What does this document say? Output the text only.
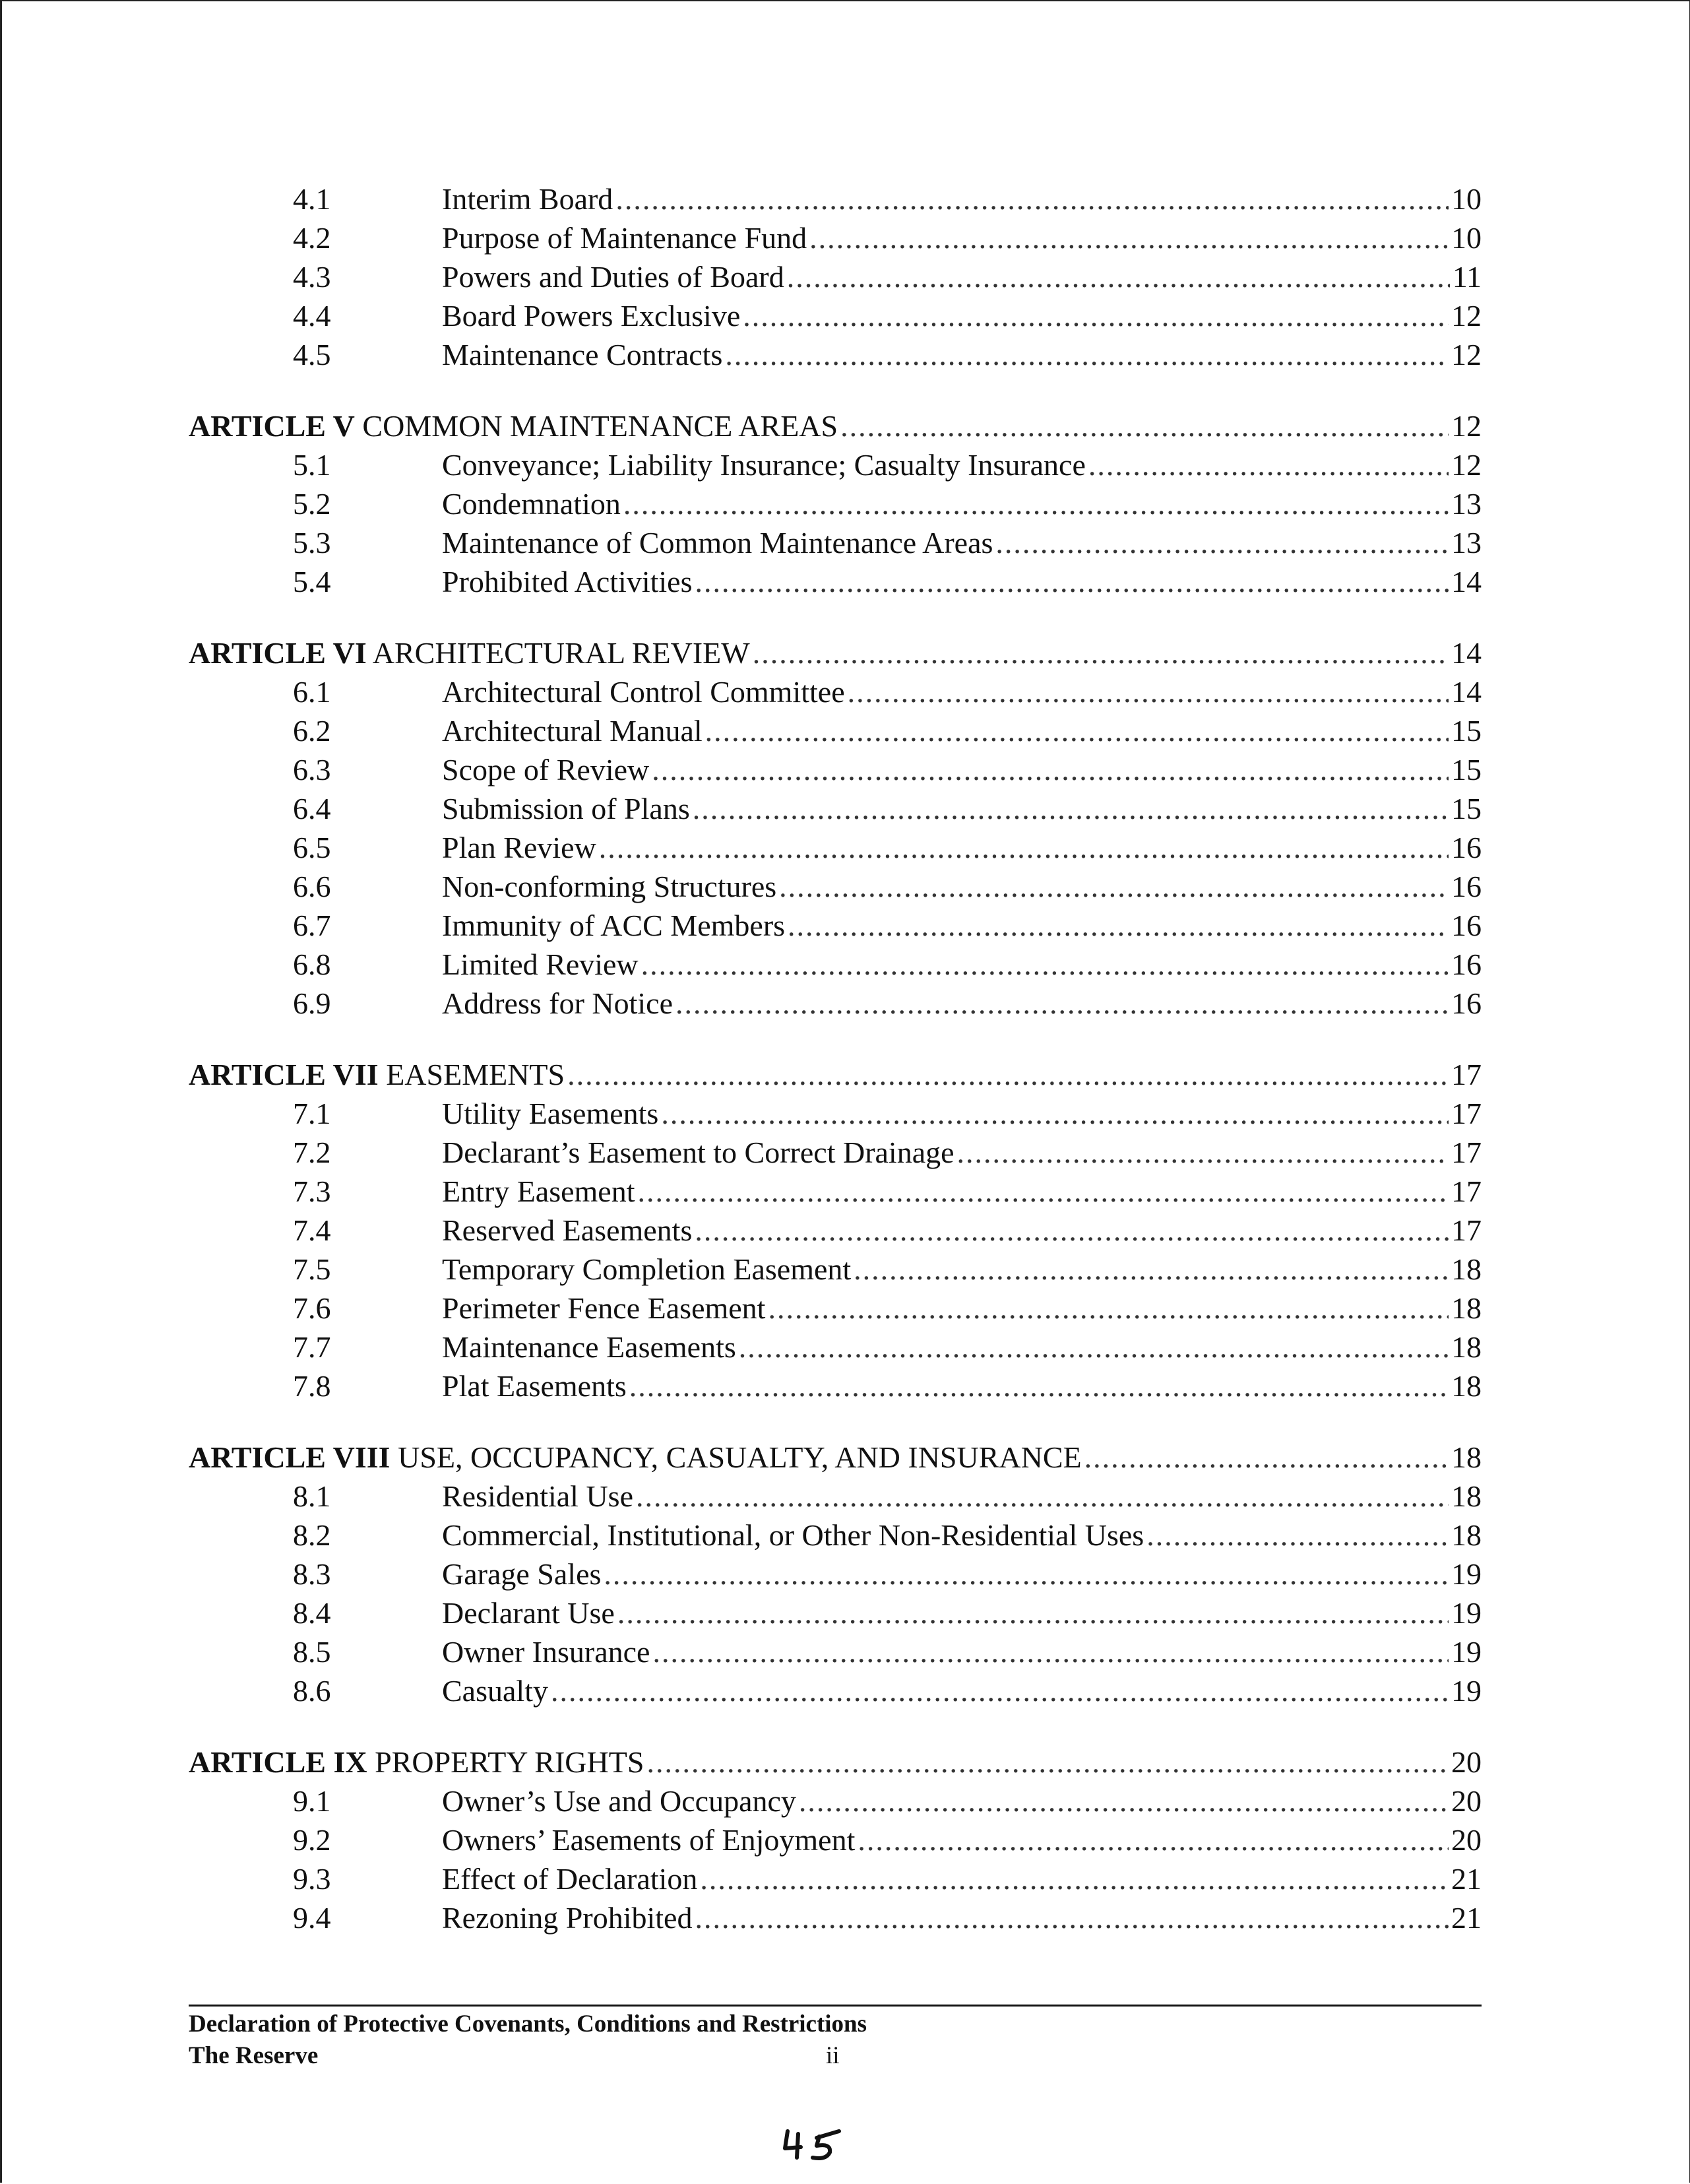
4.1	Interim Board .....	10
4.2	Purpose of Maintenance Fund .....	10
4.3	Powers and Duties of Board .....	11
4.4	Board Powers Exclusive .....	12
4.5	Maintenance Contracts .....	12
ARTICLE V COMMON MAINTENANCE AREAS .....	12
5.1	Conveyance; Liability Insurance; Casualty Insurance .....	12
5.2	Condemnation .....	13
5.3	Maintenance of Common Maintenance Areas .....	13
5.4	Prohibited Activities .....	14
ARTICLE VI ARCHITECTURAL REVIEW .....	14
6.1	Architectural Control Committee .....	14
6.2	Architectural Manual .....	15
6.3	Scope of Review .....	15
6.4	Submission of Plans .....	15
6.5	Plan Review .....	16
6.6	Non-conforming Structures .....	16
6.7	Immunity of ACC Members .....	16
6.8	Limited Review .....	16
6.9	Address for Notice .....	16
ARTICLE VII EASEMENTS .....	17
7.1	Utility Easements .....	17
7.2	Declarant’s Easement to Correct Drainage .....	17
7.3	Entry Easement .....	17
7.4	Reserved Easements .....	17
7.5	Temporary Completion Easement .....	18
7.6	Perimeter Fence Easement .....	18
7.7	Maintenance Easements .....	18
7.8	Plat Easements .....	18
ARTICLE VIII USE, OCCUPANCY, CASUALTY, AND INSURANCE .....	18
8.1	Residential Use .....	18
8.2	Commercial, Institutional, or Other Non-Residential Uses .....	18
8.3	Garage Sales .....	19
8.4	Declarant Use .....	19
8.5	Owner Insurance .....	19
8.6	Casualty .....	19
ARTICLE IX PROPERTY RIGHTS .....	20
9.1	Owner’s Use and Occupancy .....	20
9.2	Owners’ Easements of Enjoyment .....	20
9.3	Effect of Declaration .....	21
9.4	Rezoning Prohibited .....	21
Declaration of Protective Covenants, Conditions and Restrictions
The Reserve	ii
